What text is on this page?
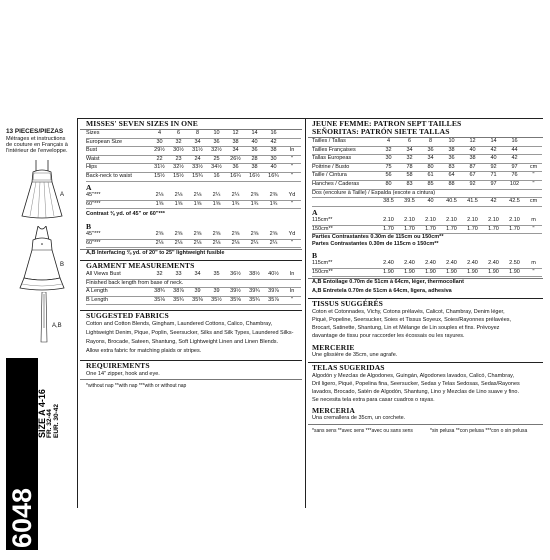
13 PIECES/PIEZAS
Métrages et instructions
de couture en Français à
l'intérieur de l'enveloppe.
A
B
A,B
6048
SIZE A 4-16 FR. 32-44 EUR. 30-42
MISSES' SEVEN SIZES IN ONE
Sizes	4	6	8	10	12	14	16	
European Size	30	32	34	36	38	40	42	
Bust	29½	30½	31½	32½	34	36	38	In
Waist	22	23	24	25	26½	28	30	"
Hips	31½	32½	33½	34½	36	38	40	"
Back-neck to waist	15½	15½	15¾	16	16¼	16½	16¾	"
A
45"***	2⅛	2⅛	2⅛	2¼	2¼	2⅜	2⅜	Yd
60"***	1⅝	1⅝	1⅝	1⅝	1¾	1¾	1¾	"
Contrast ⅜ yd. of 45" or 60"***
B
45"***	2⅝	2⅝	2⅝	2⅝	2⅝	2⅝	2⅝	Yd
60"***	2⅛	2⅛	2⅛	2⅛	2⅛	2¼	2¼	"
A,B Interfacing ⅜ yd. of 20" to 25" lightweight fusible
GARMENT MEASUREMENTS
All Views Bust	32	33	34	35	36½	38½	40½	In
Finished back length from base of neck.								
A Length	38¾	38⅞	39	39	39½	39¾	39⅞	In
B Length	35⅛	35¾	35⅜	35½	35⅝	35¾	35⅞	"
SUGGESTED FABRICS
Cotton and Cotton Blends, Gingham, Laundered Cottons, Calico, Chambray,
Lightweight Denim, Pique, Poplin, Seersucker, Silks and Silk Types, Laundered Silks-
Rayons, Brocade, Sateen, Shantung, Soft Lightweight Linen and Linen Blends.
Allow extra fabric for matching plaids or stripes.
REQUIREMENTS
One 14" zipper, hook and eye.
*without nap **with nap ***with or without nap
JEUNE FEMME: PATRON SEPT TAILLES
SEÑORITAS: PATRÓN SIETE TALLAS
Tailles / Tallas	4	6	8	10	12	14	16	
Tailles Françaises	32	34	36	38	40	42	44	
Tallas Europeas	30	32	34	36	38	40	42	
Poitrine / Busto	75	78	80	83	87	92	97	cm
Taille / Cintura	56	58	61	64	67	71	76	"
Hanches / Caderas	80	83	85	88	92	97	102	"
Dos (encolure à Taille) / Espalda (escote a cintura)								
	38.5	39.5	40	40.5	41.5	42	42.5	cm
A
115cm**	2.10	2.10	2.10	2.10	2.10	2.10	2.10	m
150cm**	1.70	1.70	1.70	1.70	1.70	1.70	1.70	"
Parties Contrastantes 0.30m de 115cm ou 150cm**
Partes Contrastantes 0.30m de 115cm o 150cm**
B
115cm**	2.40	2.40	2.40	2.40	2.40	2.40	2.50	m
150cm**	1.90	1.90	1.90	1.90	1.90	1.90	1.90	"
A,B Entoilage 0.70m de 51cm à 64cm, léger, thermocollant
A,B Entretela 0.70m de 51cm à 64cm, ligera, adhesiva
TISSUS SUGGÉRÉS
Coton et Cotonnades, Vichy, Cotons prélavés, Calicot, Chambray, Denim léger,
Piqué, Popeline, Seersucker, Soies et Tissus Soyeux, Soies/Rayonnes prélavées,
Brocart, Satinette, Shantung, Lin et Mélange de Lin souples et fins. Prévoyez
davantage de tissu pour raccorder les écossais ou les rayures.
MERCERIE
Une glissière de 35cm, une agrafe.
TELAS SUGERIDAS
Algodón y Mezclas de Algodones, Guingán, Algodones lavados, Calicó, Chambray,
Dril ligero, Piqué, Popelina fina, Seersucker, Sedas y Telas Sedosas, Sedas/Rayones
lavados, Brocado, Satén de Algodón, Shantung, Lino y Mezclas de Lino suave y fino.
Se necesita tela extra para casar cuadros o rayas.
MERCERIA
Una cremallera de 35cm, un corchete.
*sans sens **avec sens ***avec ou sans sens	*sin pelusa **con pelusa ***con o sin pelusa
